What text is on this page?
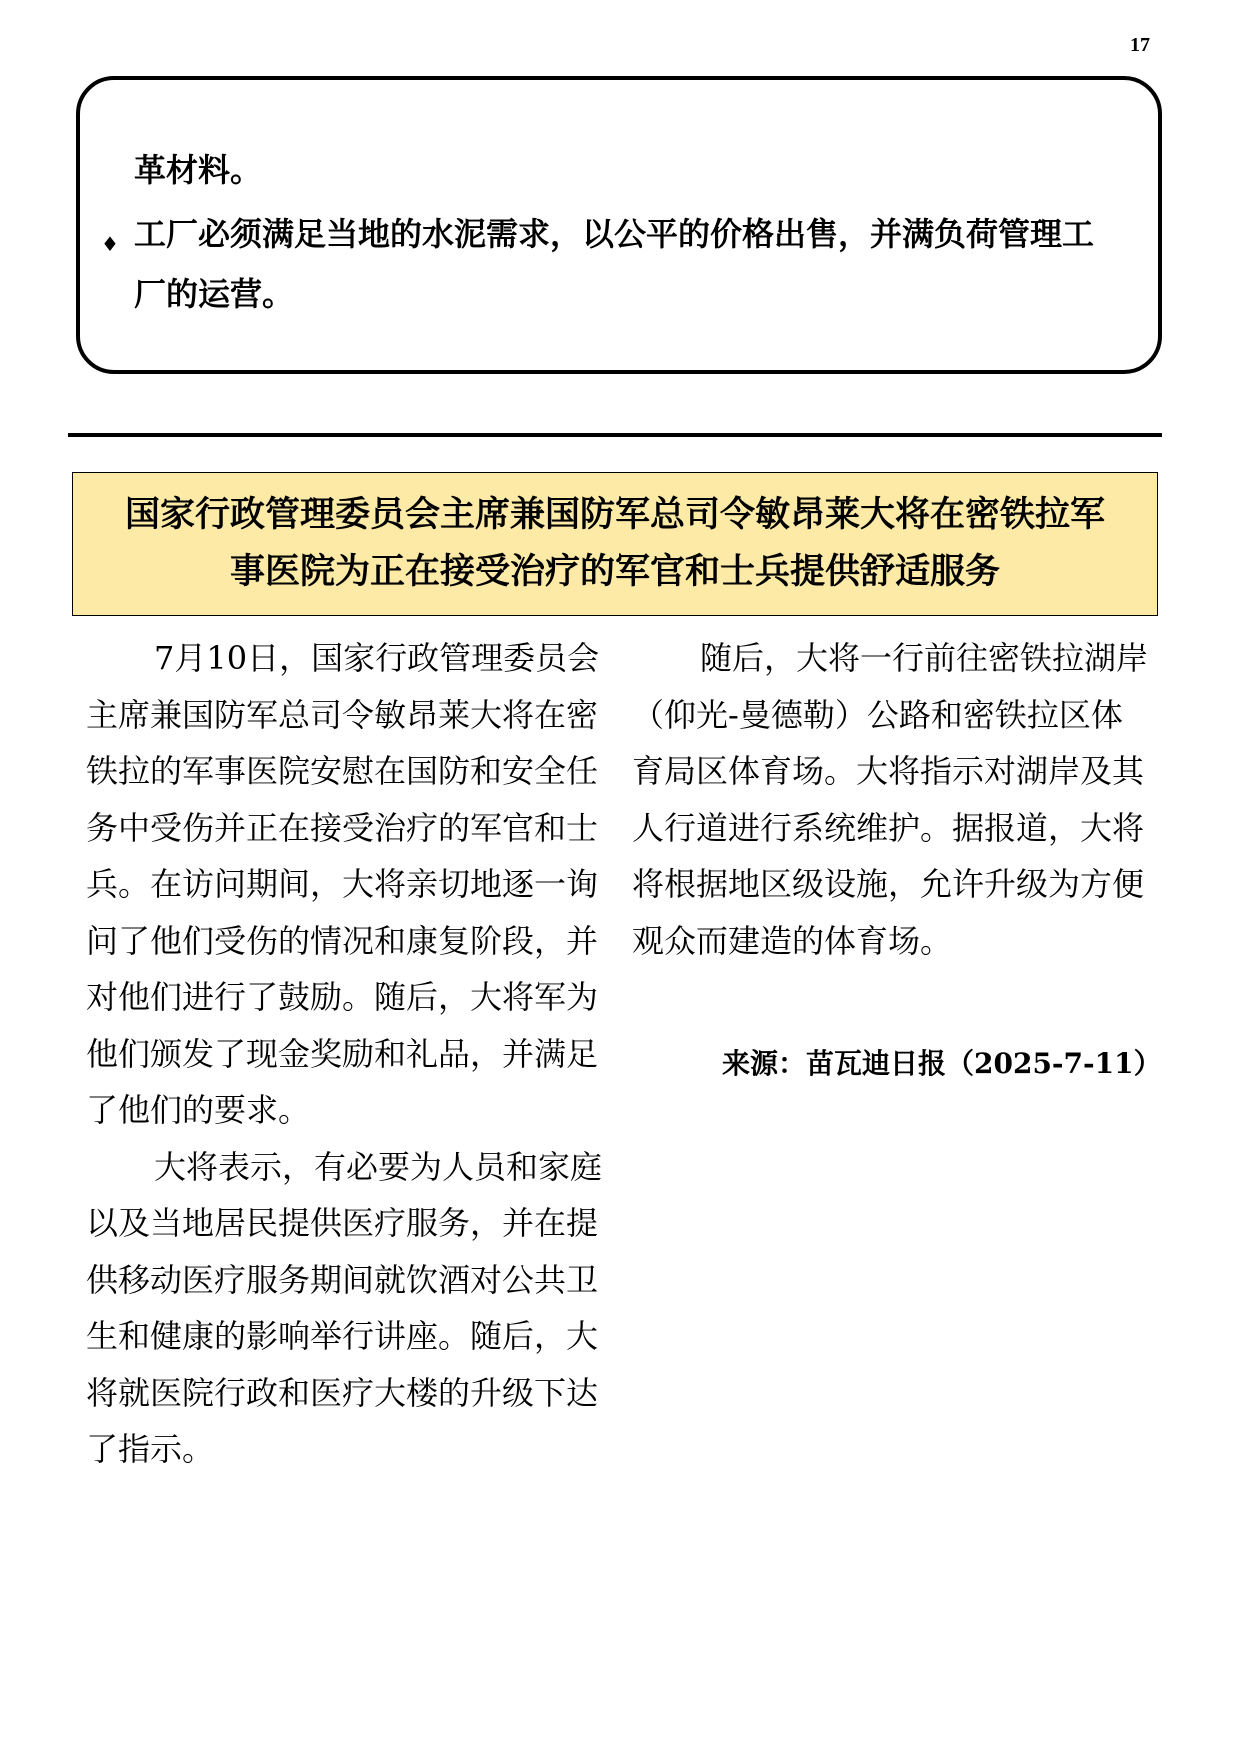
17
革材料。
♦ 工厂必须满足当地的水泥需求，以公平的价格出售，并满负荷管理工
厂的运营。
国家行政管理委员会主席兼国防军总司令敏昂莱大将在密铁拉军
事医院为正在接受治疗的军官和士兵提供舒适服务

7月10日，国家行政管理委员会主席兼国防军总司令敏昂莱大将在密铁拉的军事医院安慰在国防和安全任务中受伤并正在接受治疗的军官和士兵。在访问期间，大将亲切地逐一询问了他们受伤的情况和康复阶段，并对他们进行了鼓励。随后，大将军为他们颁发了现金奖励和礼品，并满足了他们的要求。

大将表示，有必要为人员和家庭以及当地居民提供医疗服务，并在提供移动医疗服务期间就饮酒对公共卫生和健康的影响举行讲座。随后，大将就医院行政和医疗大楼的升级下达了指示。

随后，大将一行前往密铁拉湖岸（仰光-曼德勒）公路和密铁拉区体育局区体育场。大将指示对湖岸及其人行道进行系统维护。据报道，大将将根据地区级设施，允许升级为方便观众而建造的体育场。

来源：苗瓦迪日报（2025-7-11）
